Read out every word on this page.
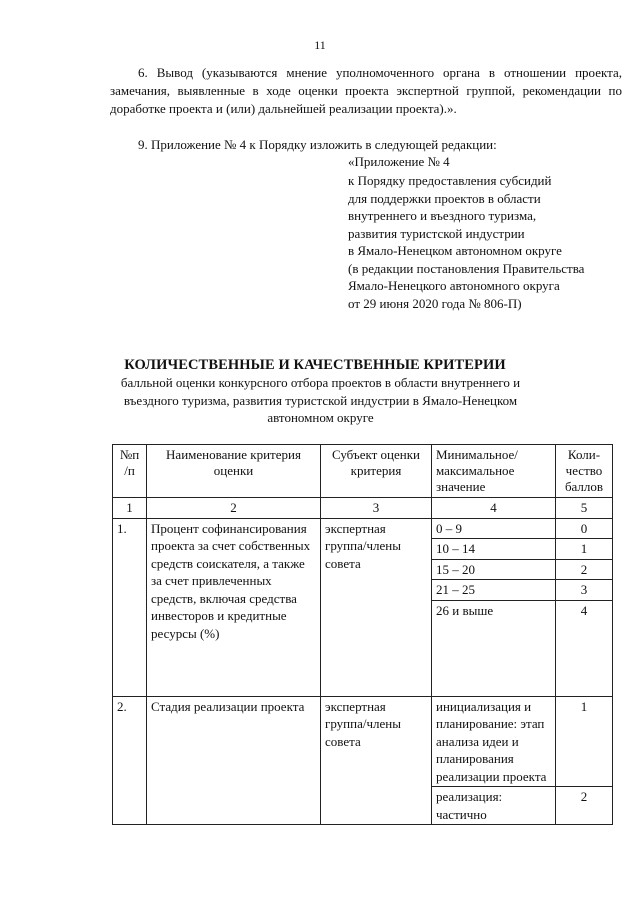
11
6. Вывод (указываются мнение уполномоченного органа в отношении проекта, замечания, выявленные в ходе оценки проекта экспертной группой, рекомендации по доработке проекта и (или) дальнейшей реализации проекта).».
9. Приложение № 4 к Порядку изложить в следующей редакции:
«Приложение № 4
к Порядку предоставления субсидий
для поддержки проектов в области
внутреннего и въездного туризма,
развития туристской индустрии
в Ямало-Ненецком автономном округе
(в редакции постановления Правительства
Ямало-Ненецкого автономного округа
от 29 июня 2020 года № 806-П)
КОЛИЧЕСТВЕННЫЕ И КАЧЕСТВЕННЫЕ КРИТЕРИИ
балльной оценки конкурсного отбора проектов в области внутреннего и въездного туризма, развития туристской индустрии в Ямало-Ненецком автономном округе
№п /п	Наименование критерия оценки	Субъект оценки критерия	Минимальное/ максимальное значение	Коли-чество баллов
1	2	3	4	5
1.	Процент софинансирования проекта за счет собственных средств соискателя, а также за счет привлеченных средств, включая средства инвесторов и кредитные ресурсы (%)	экспертная группа/члены совета	0 – 9	0
			10 – 14	1
			15 – 20	2
			21 – 25	3
			26 и выше	4
2.	Стадия реализации проекта	экспертная группа/члены совета	инициализация и планирование: этап анализа идеи и планирования реализации проекта	1
			реализация: частично	2
